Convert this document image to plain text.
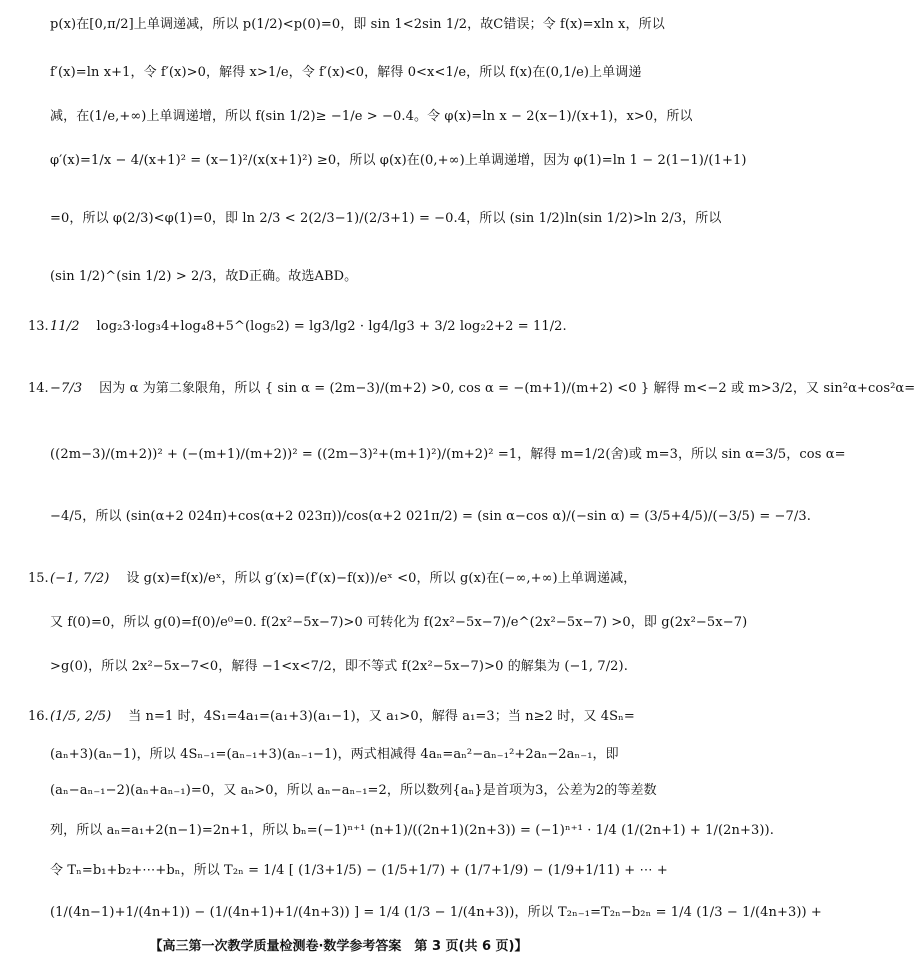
p(x)在[0,π/2]上单调递减，所以 p(1/2)<p(0)=0，即 sin 1<2sin 1/2，故C错误；令 f(x)=xln x，所以
f′(x)=ln x+1，令 f′(x)>0，解得 x>1/e，令 f′(x)<0，解得 0<x<1/e，所以 f(x)在(0,1/e)上单调递
减，在(1/e,+∞)上单调递增，所以 f(sin 1/2)≥ −1/e > −0.4。令 φ(x)=ln x − 2(x−1)/(x+1)，x>0，所以
φ′(x)=1/x − 4/(x+1)² = (x−1)²/(x(x+1)²) ≥0，所以 φ(x)在(0,+∞)上单调递增，因为 φ(1)=ln 1 − 2(1−1)/(1+1)
=0，所以 φ(2/3)<φ(1)=0，即 ln 2/3 < 2(2/3−1)/(2/3+1) = −0.4，所以 (sin 1/2)ln(sin 1/2)>ln 2/3，所以
(sin 1/2)^(sin 1/2) > 2/3，故D正确。故选ABD。
13. 11/2 log₂3·log₃4+log₄8+5^(log₅2) = lg3/lg2 · lg4/lg3 + 3/2 log₂2+2 = 11/2.
14. −7/3 因为 α 为第二象限角，所以 { sin α = (2m−3)/(m+2) >0, cos α = −(m+1)/(m+2) <0 } 解得 m<−2 或 m>3/2，又 sin²α+cos²α=
((2m−3)/(m+2))² + (−(m+1)/(m+2))² = ((2m−3)²+(m+1)²)/(m+2)² =1，解得 m=1/2(舍)或 m=3，所以 sin α=3/5，cos α=
−4/5，所以 (sin(α+2 024π)+cos(α+2 023π))/cos(α+2 021π/2) = (sin α−cos α)/(−sin α) = (3/5+4/5)/(−3/5) = −7/3.
15. (−1, 7/2) 设 g(x)=f(x)/eˣ，所以 g′(x)=(f′(x)−f(x))/eˣ <0，所以 g(x)在(−∞,+∞)上单调递减，
又 f(0)=0，所以 g(0)=f(0)/e⁰=0. f(2x²−5x−7)>0 可转化为 f(2x²−5x−7)/e^(2x²−5x−7) >0，即 g(2x²−5x−7)
>g(0)，所以 2x²−5x−7<0，解得 −1<x<7/2，即不等式 f(2x²−5x−7)>0 的解集为 (−1, 7/2).
16. (1/5, 2/5) 当 n=1 时，4S₁=4a₁=(a₁+3)(a₁−1)，又 a₁>0，解得 a₁=3；当 n≥2 时，又 4Sₙ=
(aₙ+3)(aₙ−1)，所以 4Sₙ₋₁=(aₙ₋₁+3)(aₙ₋₁−1)，两式相减得 4aₙ=aₙ²−aₙ₋₁²+2aₙ−2aₙ₋₁，即
(aₙ−aₙ₋₁−2)(aₙ+aₙ₋₁)=0，又 aₙ>0，所以 aₙ−aₙ₋₁=2，所以数列{aₙ}是首项为3，公差为2的等差数
列，所以 aₙ=a₁+2(n−1)=2n+1，所以 bₙ=(−1)ⁿ⁺¹ (n+1)/((2n+1)(2n+3)) = (−1)ⁿ⁺¹ · 1/4 (1/(2n+1) + 1/(2n+3)).
令 Tₙ=b₁+b₂+⋯+bₙ，所以 T₂ₙ = 1/4 [ (1/3+1/5) − (1/5+1/7) + (1/7+1/9) − (1/9+1/11) + ⋯ +
(1/(4n−1)+1/(4n+1)) − (1/(4n+1)+1/(4n+3)) ] = 1/4 (1/3 − 1/(4n+3))，所以 T₂ₙ₋₁=T₂ₙ−b₂ₙ = 1/4 (1/3 − 1/(4n+3)) +
【高三第一次教学质量检测卷·数学参考答案　第 3 页(共 6 页)】
